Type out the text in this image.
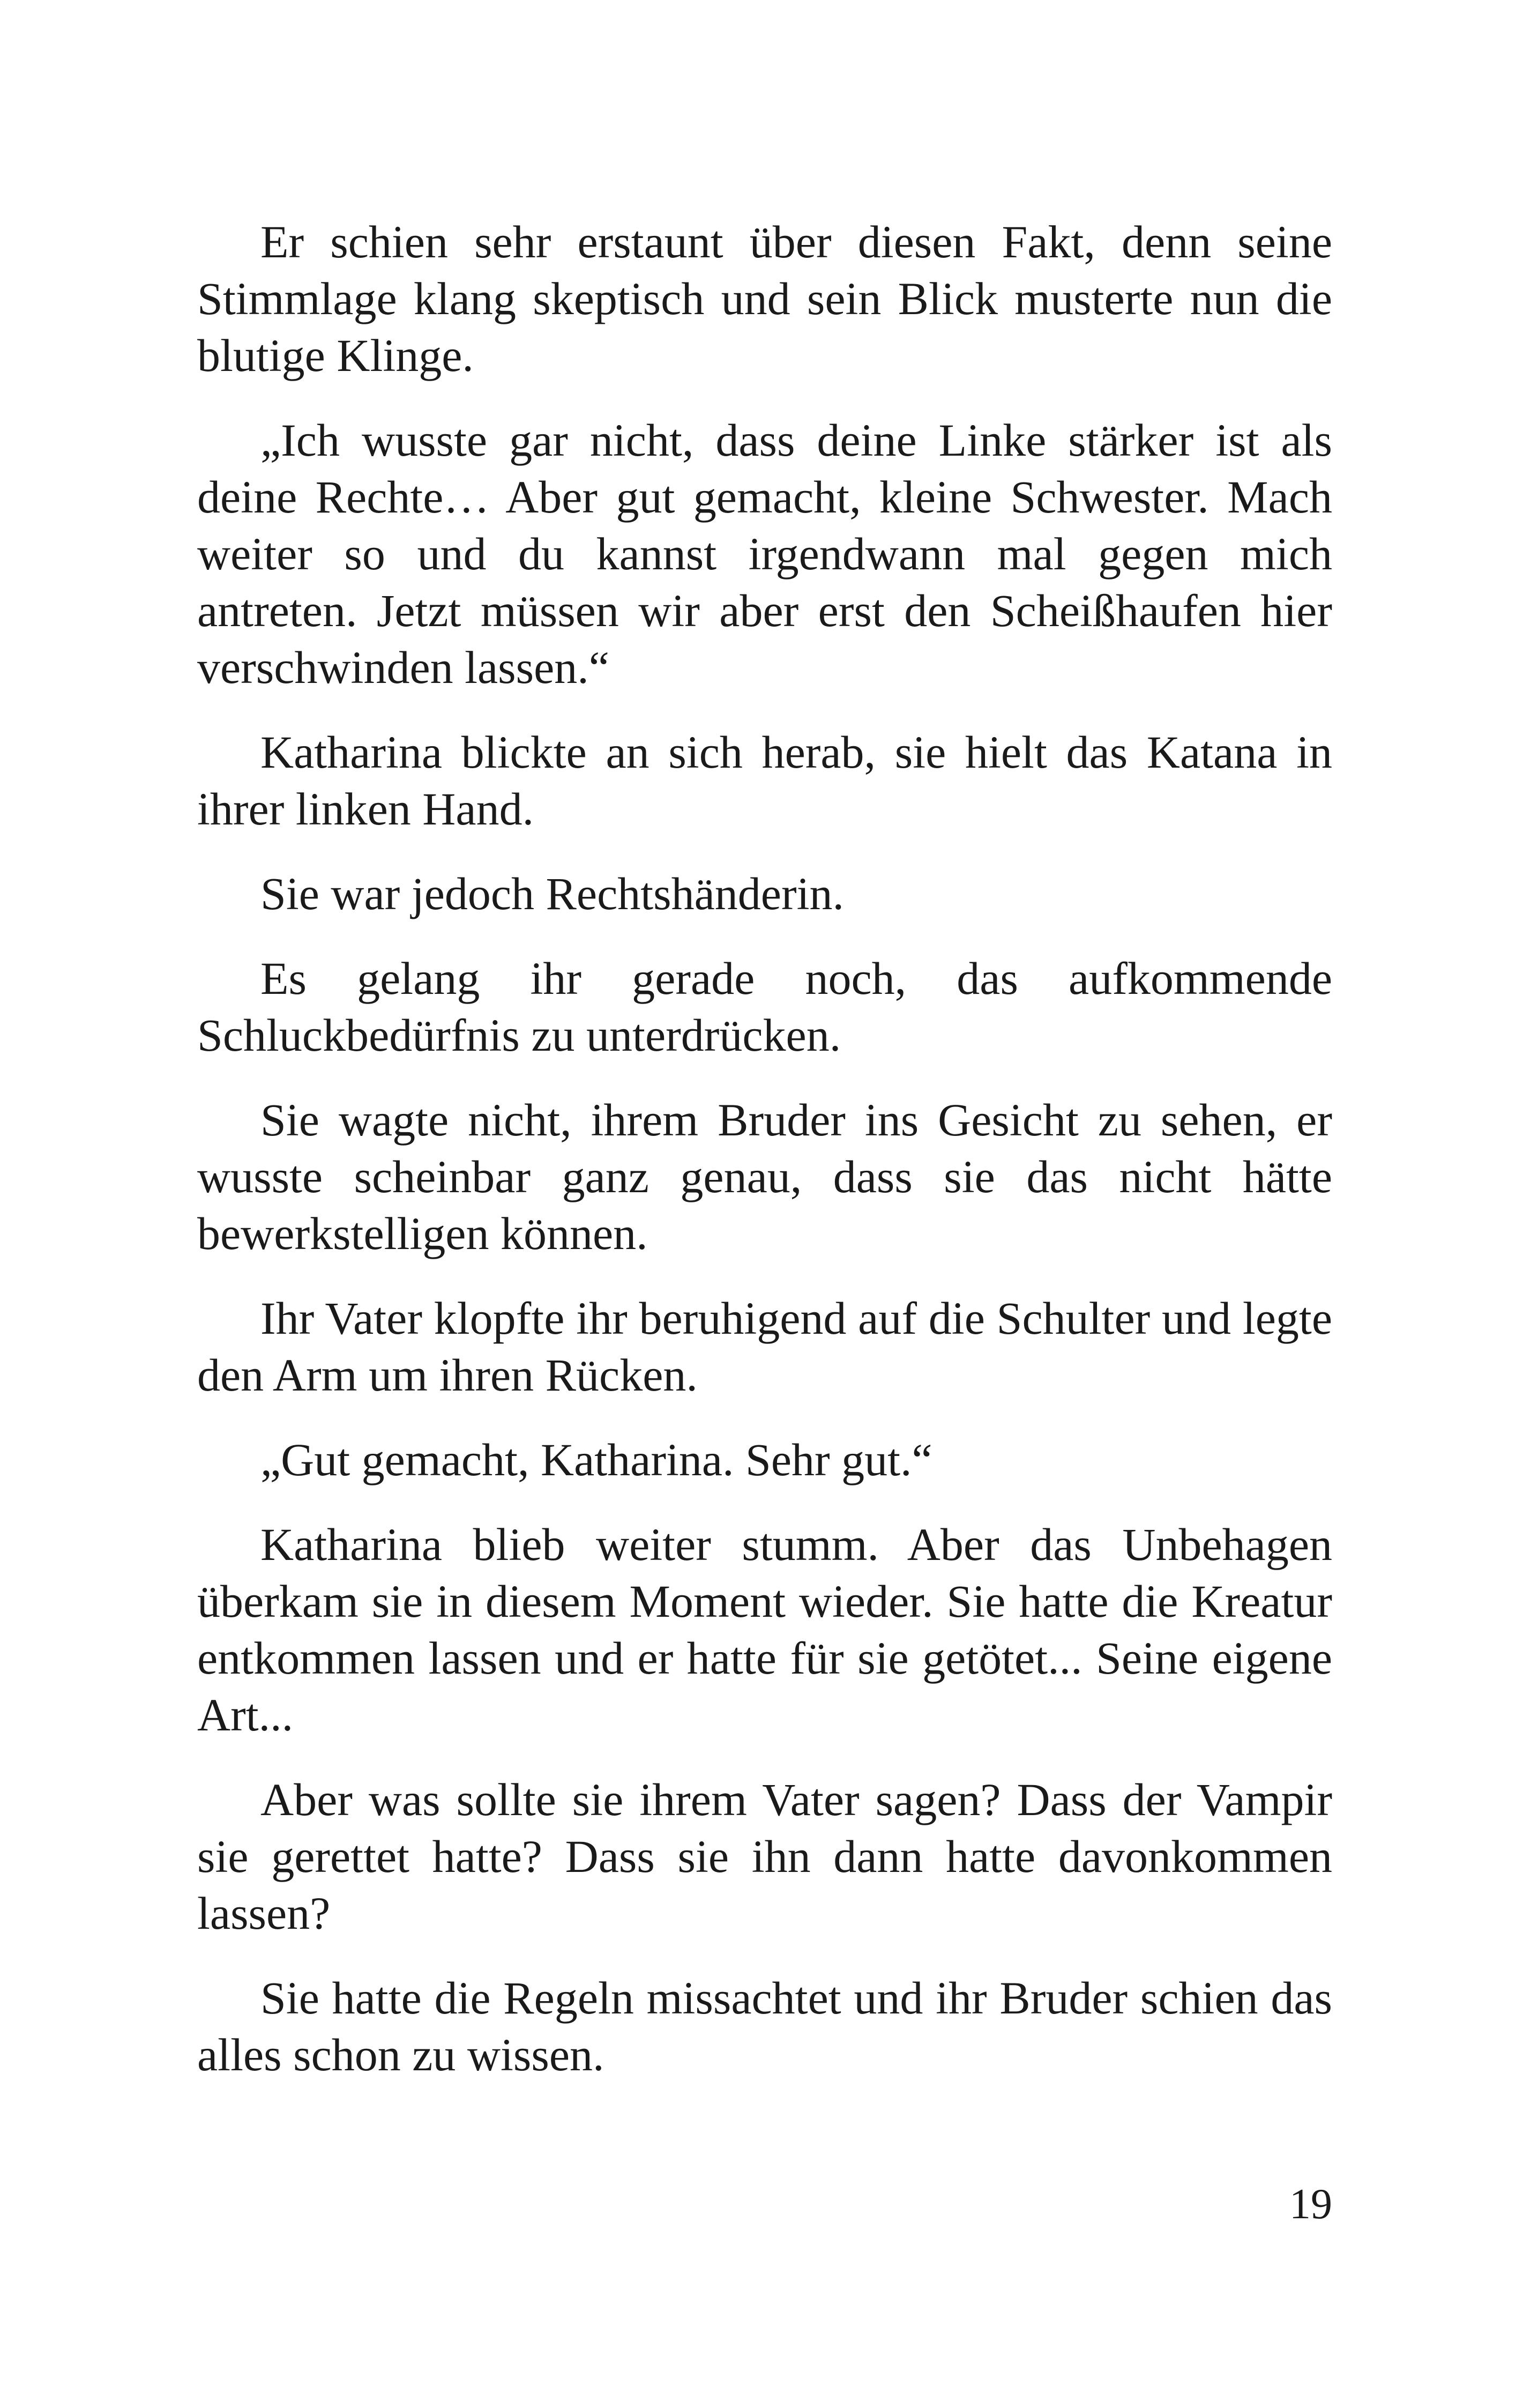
Er schien sehr erstaunt über diesen Fakt, denn seine Stimmlage klang skeptisch und sein Blick musterte nun die blutige Klinge.

„Ich wusste gar nicht, dass deine Linke stärker ist als deine Rechte… Aber gut gemacht, kleine Schwester. Mach weiter so und du kannst irgendwann mal gegen mich antreten. Jetzt müssen wir aber erst den Scheißhaufen hier verschwinden lassen.“

Katharina blickte an sich herab, sie hielt das Katana in ihrer linken Hand.

Sie war jedoch Rechtshänderin.

Es gelang ihr gerade noch, das aufkommende Schluckbedürfnis zu unterdrücken.

Sie wagte nicht, ihrem Bruder ins Gesicht zu sehen, er wusste scheinbar ganz genau, dass sie das nicht hätte bewerkstelligen können.

Ihr Vater klopfte ihr beruhigend auf die Schulter und legte den Arm um ihren Rücken.

„Gut gemacht, Katharina. Sehr gut.“

Katharina blieb weiter stumm. Aber das Unbehagen überkam sie in diesem Moment wieder. Sie hatte die Kreatur entkommen lassen und er hatte für sie getötet... Seine eigene Art...

Aber was sollte sie ihrem Vater sagen? Dass der Vampir sie gerettet hatte? Dass sie ihn dann hatte davonkommen lassen?

Sie hatte die Regeln missachtet und ihr Bruder schien das alles schon zu wissen.

19
